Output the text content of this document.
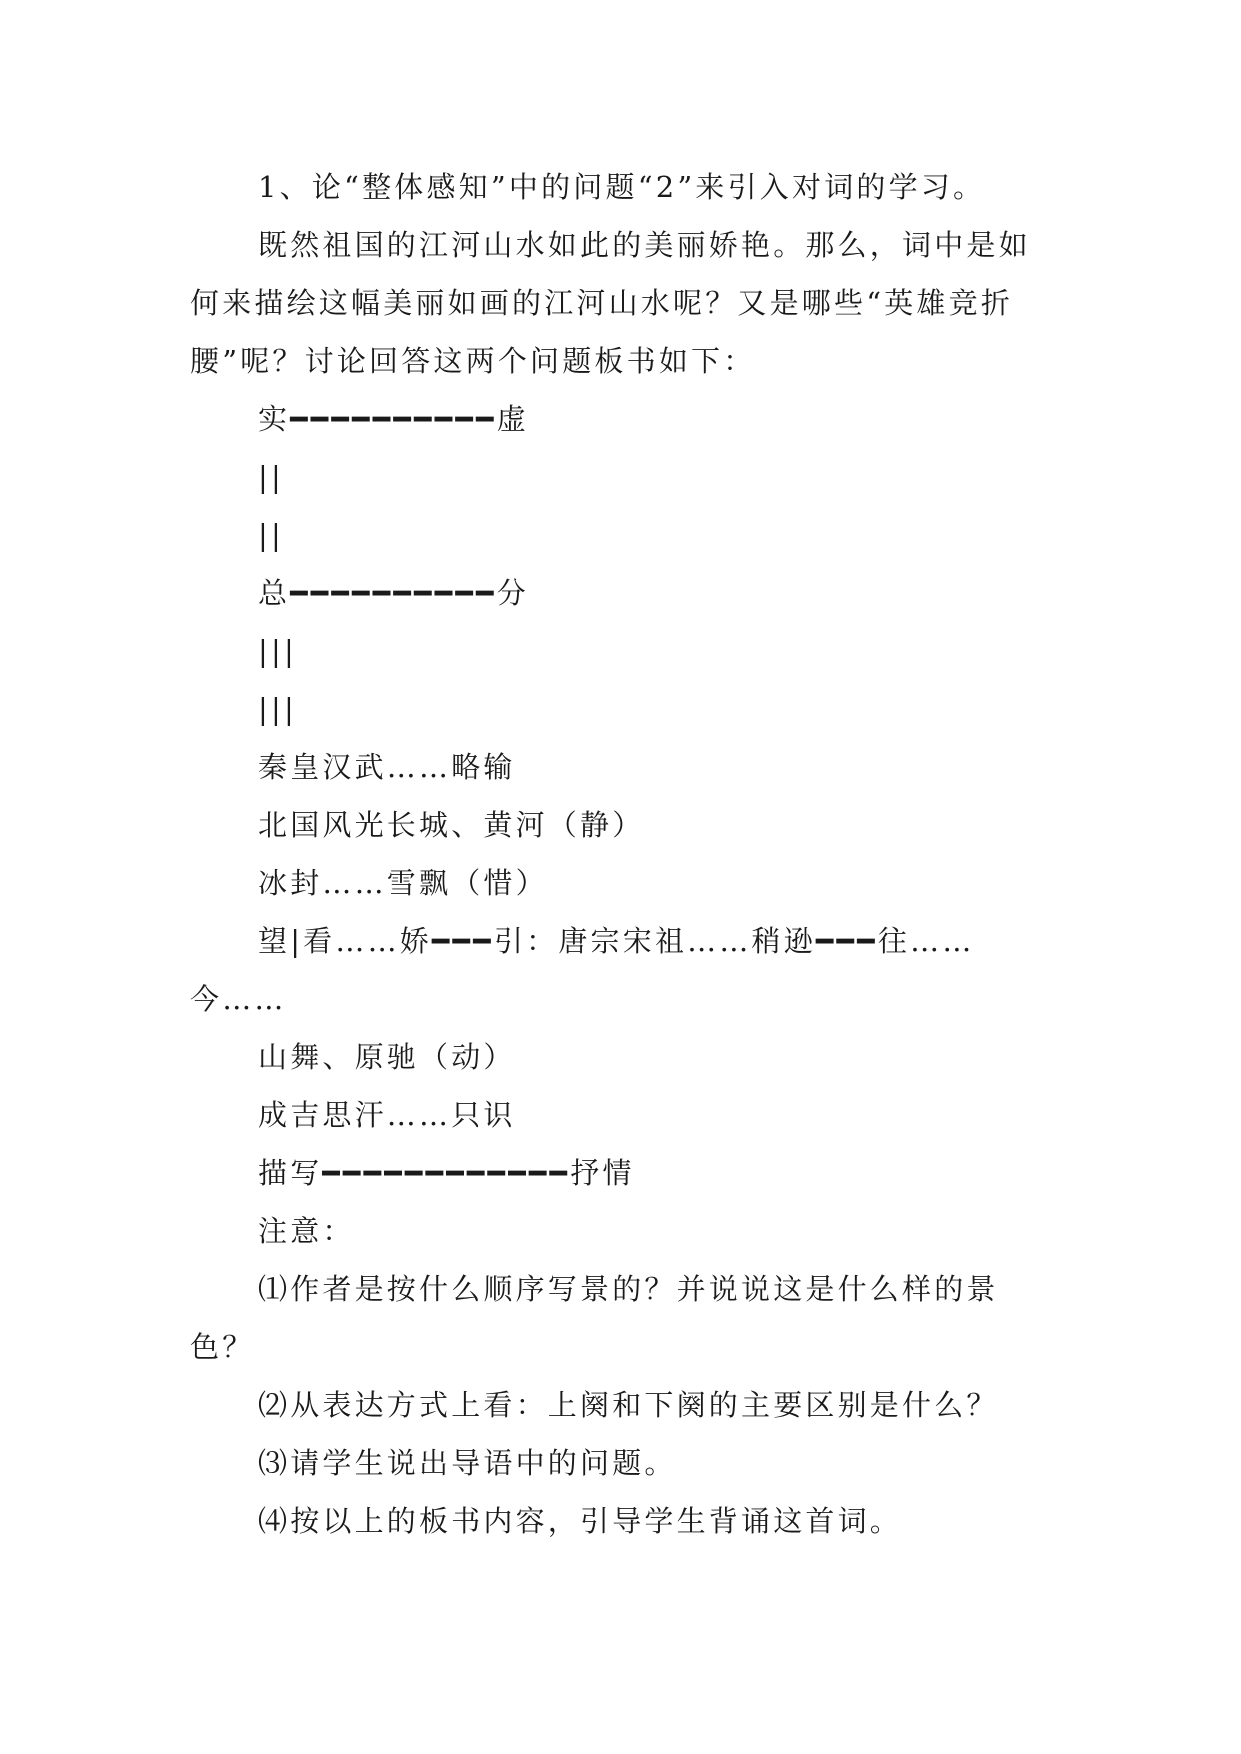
1、论“整体感知”中的问题“2”来引入对词的学习。

既然祖国的江河山水如此的美丽娇艳。那么，词中是如

何来描绘这幅美丽如画的江河山水呢？又是哪些“英雄竞折

腰”呢？讨论回答这两个问题板书如下：

实━━━━━━━━━━虚

||

||

总━━━━━━━━━━分

|||

|||

秦皇汉武……略输

北国风光长城、黄河（静）

冰封……雪飘（惜）

望|看……娇━━━引：唐宗宋祖……稍逊━━━往……

今……

山舞、原驰（动）

成吉思汗……只识

描写━━━━━━━━━━━━抒情

注意：

⑴作者是按什么顺序写景的？并说说这是什么样的景

色？

⑵从表达方式上看：上阕和下阕的主要区别是什么？

⑶请学生说出导语中的问题。

⑷按以上的板书内容，引导学生背诵这首词。
